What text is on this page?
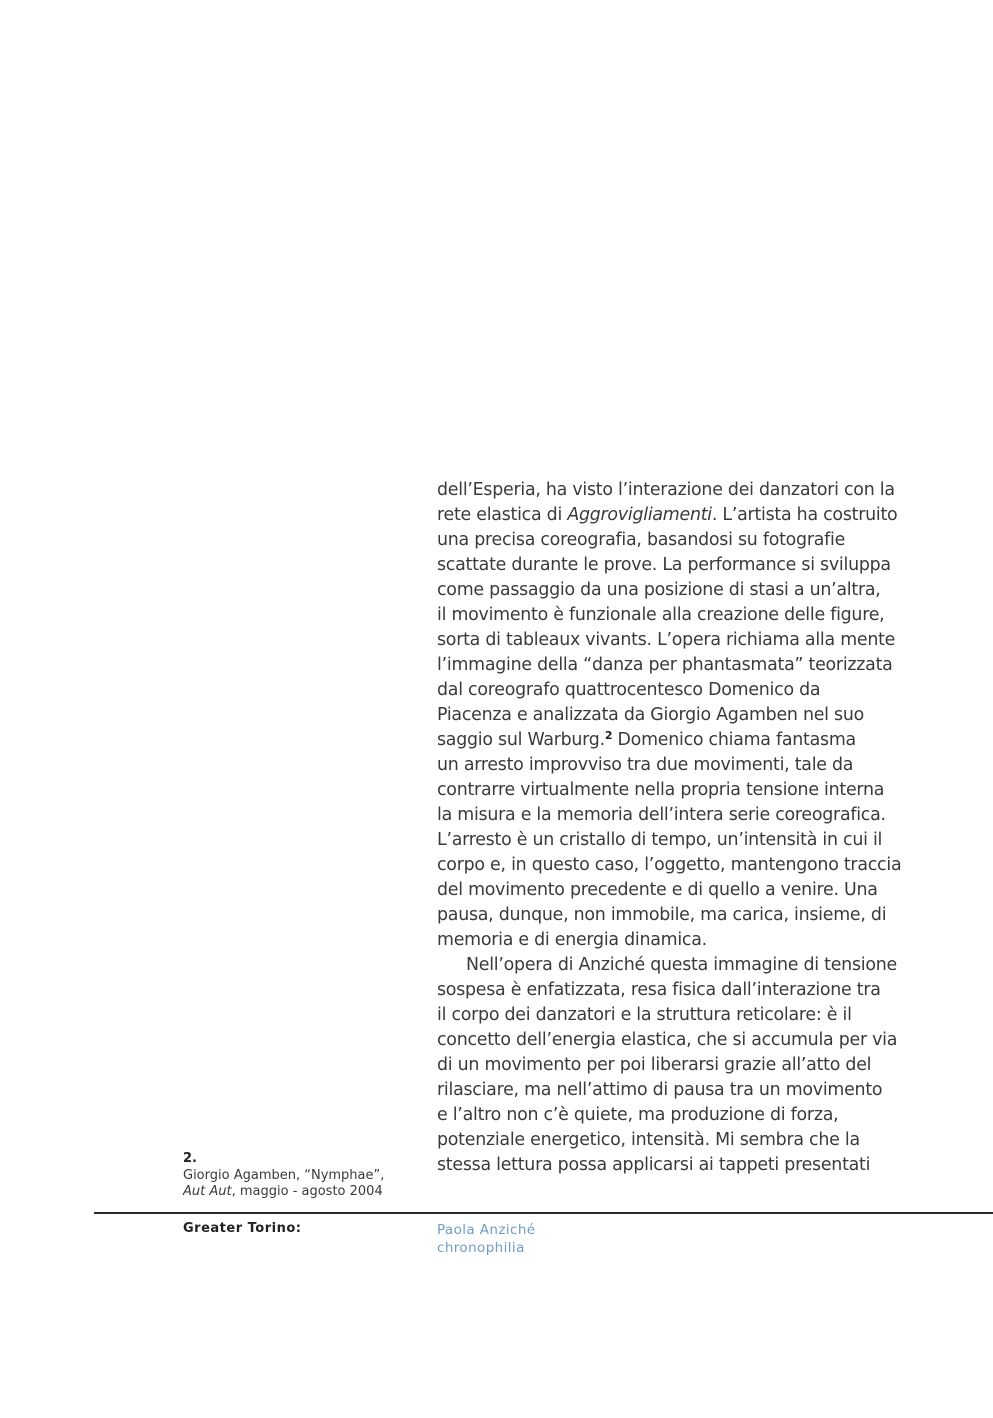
dell’Esperia, ha visto l’interazione dei danzatori con la
rete elastica di Aggrovigliamenti. L’artista ha costruito
una precisa coreografia, basandosi su fotografie
scattate durante le prove. La performance si sviluppa
come passaggio da una posizione di stasi a un’altra,
il movimento è funzionale alla creazione delle figure,
sorta di tableaux vivants. L’opera richiama alla mente
l’immagine della “danza per phantasmata” teorizzata
dal coreografo quattrocentesco Domenico da
Piacenza e analizzata da Giorgio Agamben nel suo
saggio sul Warburg.$^2$ Domenico chiama fantasma
un arresto improvviso tra due movimenti, tale da
contrarre virtualmente nella propria tensione interna
la misura e la memoria dell’intera serie coreografica.
L’arresto è un cristallo di tempo, un’intensità in cui il
corpo e, in questo caso, l’oggetto, mantengono traccia
del movimento precedente e di quello a venire. Una
pausa, dunque, non immobile, ma carica, insieme, di
memoria e di energia dinamica.
Nell’opera di Anziché questa immagine di tensione
sospesa è enfatizzata, resa fisica dall’interazione tra
il corpo dei danzatori e la struttura reticolare: è il
concetto dell’energia elastica, che si accumula per via
di un movimento per poi liberarsi grazie all’atto del
rilasciare, ma nell’attimo di pausa tra un movimento
e l’altro non c’è quiete, ma produzione di forza,
potenziale energetico, intensità. Mi sembra che la
stessa lettura possa applicarsi ai tappeti presentati
2.
Giorgio Agamben, “Nymphae”,
Aut Aut, maggio - agosto 2004
Greater Torino:	Paola Anziché
chronophilia
